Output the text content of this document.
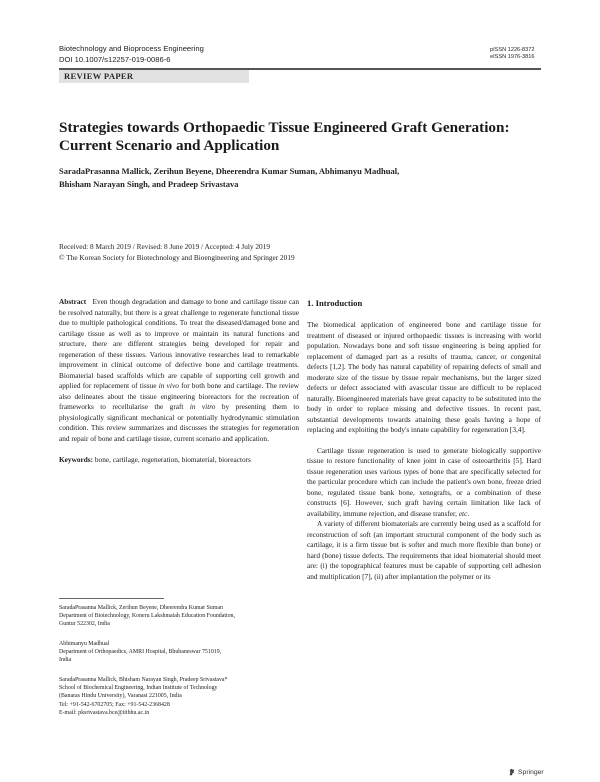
Biotechnology and Bioprocess Engineering
DOI 10.1007/s12257-019-0086-6
pISSN 1226-8372
eISSN 1976-3816
REVIEW PAPER
Strategies towards Orthopaedic Tissue Engineered Graft Generation: Current Scenario and Application
SaradaPrasanna Mallick, Zerihun Beyene, Dheerendra Kumar Suman, Abhimanyu Madhual,
Bhisham Narayan Singh, and Pradeep Srivastava
Received: 8 March 2019 / Revised: 8 June 2019 / Accepted: 4 July 2019
© The Korean Society for Biotechnology and Bioengineering and Springer 2019

Abstract Even though degradation and damage to bone and cartilage tissue can be resolved naturally, but there is a great challenge to regenerate functional tissue due to multiple pathological conditions. To treat the diseased/damaged bone and cartilage tissue as well as to improve or maintain its natural functions and structure, there are different strategies being developed for repair and regeneration of these tissues. Various innovative researches lead to remarkable improvement in clinical outcome of defective bone and cartilage treatments. Biomaterial based scaffolds which are capable of supporting cell growth and applied for replacement of tissue in vivo for both bone and cartilage. The review also delineates about the tissue engineering bioreactors for the recreation of frameworks to recellularise the graft in vitro by presenting them to physiologically significant mechanical or potentially hydrodynamic stimulation condition. This review summarizes and discusses the strategies for regeneration and repair of bone and cartilage tissue, current scenario and application.

Keywords: bone, cartilage, regeneration, biomaterial, bioreactors

SaradaPrasanna Mallick, Zerihun Beyene, Dheerendra Kumar Suman

Department of Biotechnology, Koneru Lakshmaiah Education Foundation,

Guntur 522302, India

Abhimanyu Madhual

Department of Orthopaedics, AMRI Hospital, Bhubaneswar 751019,

India

SaradaPrasanna Mallick, Bhisham Narayan Singh, Pradeep Srivastava*

School of Biochemical Engineering, Indian Institute of Technology

(Banaras Hindu University), Varanasi 221005, India

Tel: +91-542-6702705; Fax: +91-542-2368428

E-mail: pksrivastava.bce@iitbhu.ac.in

1. Introduction

The biomedical application of engineered bone and cartilage tissue for treatment of diseased or injured orthopaedic tissues is increasing with world population. Nowadays bone and soft tissue engineering is being applied for replacement of damaged part as a results of trauma, cancer, or congenital defects [1,2]. The body has natural capability of repairing defects of small and moderate size of the tissue by tissue repair mechanisms, but the larger sized defects or defect associated with avascular tissue are difficult to be replaced naturally. Bioengineered materials have great capacity to be substituted into the body in order to replace missing and defective tissues. In recent past, substantial developments towards attaining these goals having a hope of replacing and exploiting the body's innate capability for regeneration [3,4].

Cartilage tissue regeneration is used to generate biologically supportive tissue to restore functionality of knee joint in case of osteoarthritis [5]. Hard tissue regeneration uses various types of bone that are specifically selected for the particular procedure which can include the patient's own bone, freeze dried bone, regulated tissue bank bone, xenografts, or a combination of these constructs [6]. However, such graft having certain limitation like lack of availability, immune rejection, and disease transfer, etc.

A variety of different biomaterials are currently being used as a scaffold for reconstruction of soft (an important structural component of the body such as cartilage, it is a firm tissue but is softer and much more flexible than bone) or hard (bone) tissue defects. The requirements that ideal biomaterial should meet are: (i) the topographical features must be capable of supporting cell adhesion and multiplication [7], (ii) after implantation the polymer or its

Springer
